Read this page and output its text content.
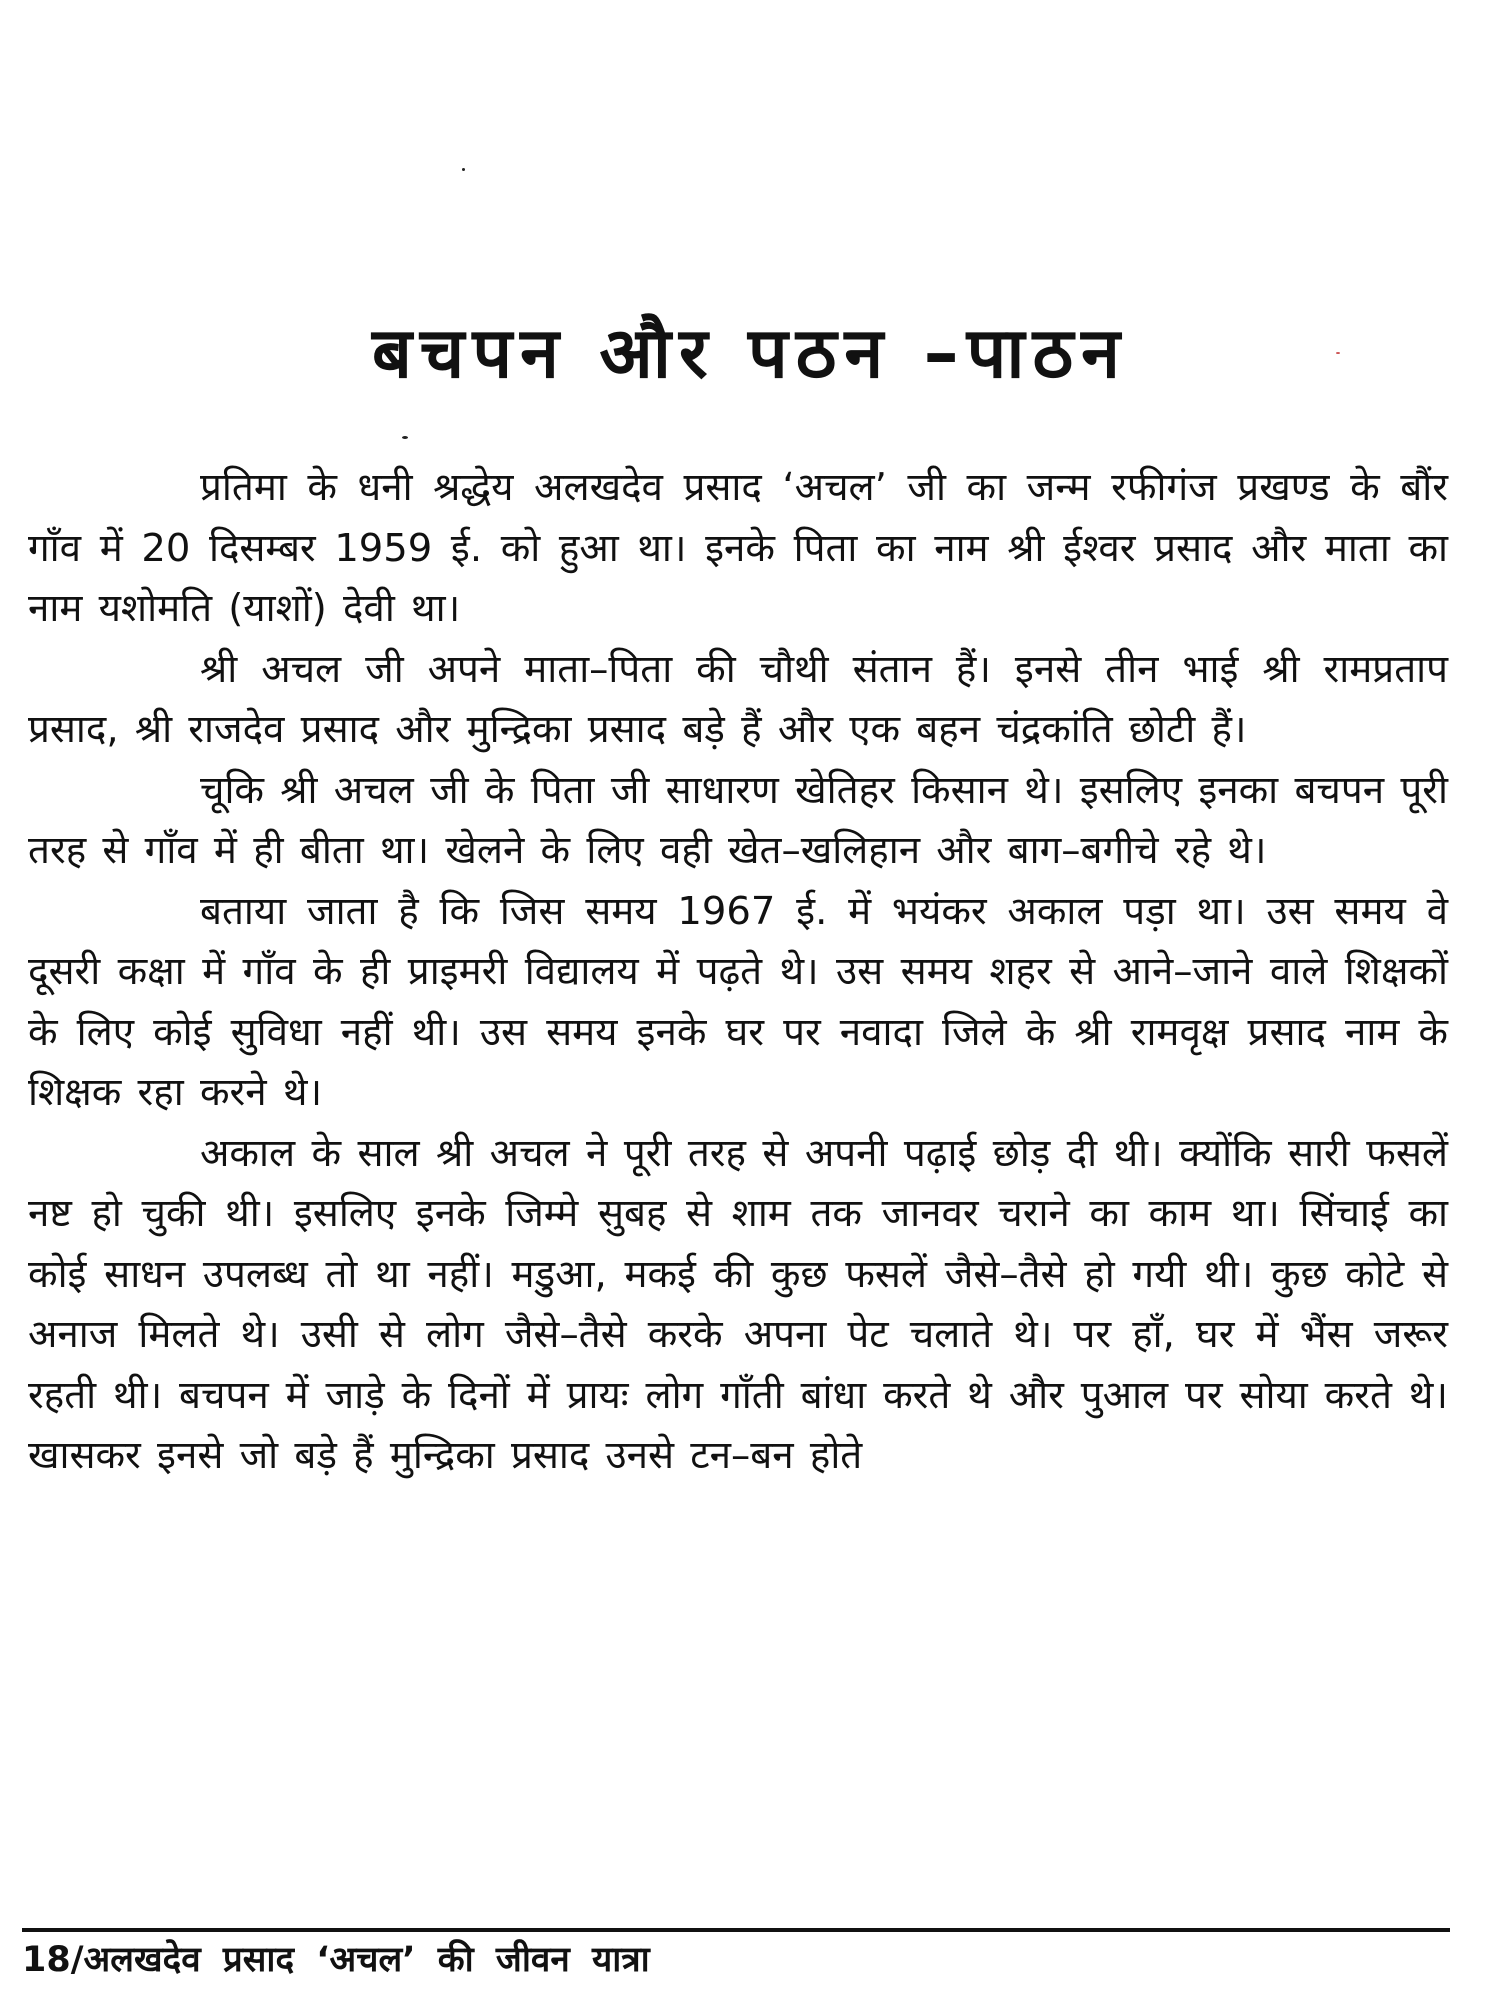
बचपन और पठन –पाठन

प्रतिमा के धनी श्रद्धेय अलखदेव प्रसाद ‘अचल’ जी का जन्म रफीगंज प्रखण्ड के बौंर गाँव में 20 दिसम्बर 1959 ई. को हुआ था। इनके पिता का नाम श्री ईश्वर प्रसाद और माता का नाम यशोमति (याशों) देवी था।

श्री अचल जी अपने माता–पिता की चौथी संतान हैं। इनसे तीन भाई श्री रामप्रताप प्रसाद, श्री राजदेव प्रसाद और मुन्द्रिका प्रसाद बड़े हैं और एक बहन चंद्रकांति छोटी हैं।

चूकि श्री अचल जी के पिता जी साधारण खेतिहर किसान थे। इसलिए इनका बचपन पूरी तरह से गाँव में ही बीता था। खेलने के लिए वही खेत–खलिहान और बाग–बगीचे रहे थे।

बताया जाता है कि जिस समय 1967 ई. में भयंकर अकाल पड़ा था। उस समय वे दूसरी कक्षा में गाँव के ही प्राइमरी विद्यालय में पढ़ते थे। उस समय शहर से आने–जाने वाले शिक्षकों के लिए कोई सुविधा नहीं थी। उस समय इनके घर पर नवादा जिले के श्री रामवृक्ष प्रसाद नाम के शिक्षक रहा करने थे।

अकाल के साल श्री अचल ने पूरी तरह से अपनी पढ़ाई छोड़ दी थी। क्योंकि सारी फसलें नष्ट हो चुकी थी। इसलिए इनके जिम्मे सुबह से शाम तक जानवर चराने का काम था। सिंचाई का कोई साधन उपलब्ध तो था नहीं। मडुआ, मकई की कुछ फसलें जैसे–तैसे हो गयी थी। कुछ कोटे से अनाज मिलते थे। उसी से लोग जैसे–तैसे करके अपना पेट चलाते थे। पर हाँ, घर में भैंस जरूर रहती थी। बचपन में जाड़े के दिनों में प्रायः लोग गाँती बांधा करते थे और पुआल पर सोया करते थे। खासकर इनसे जो बड़े हैं मुन्द्रिका प्रसाद उनसे टन–बन होते

18/अलखदेव प्रसाद ‘अचल’ की जीवन यात्रा
